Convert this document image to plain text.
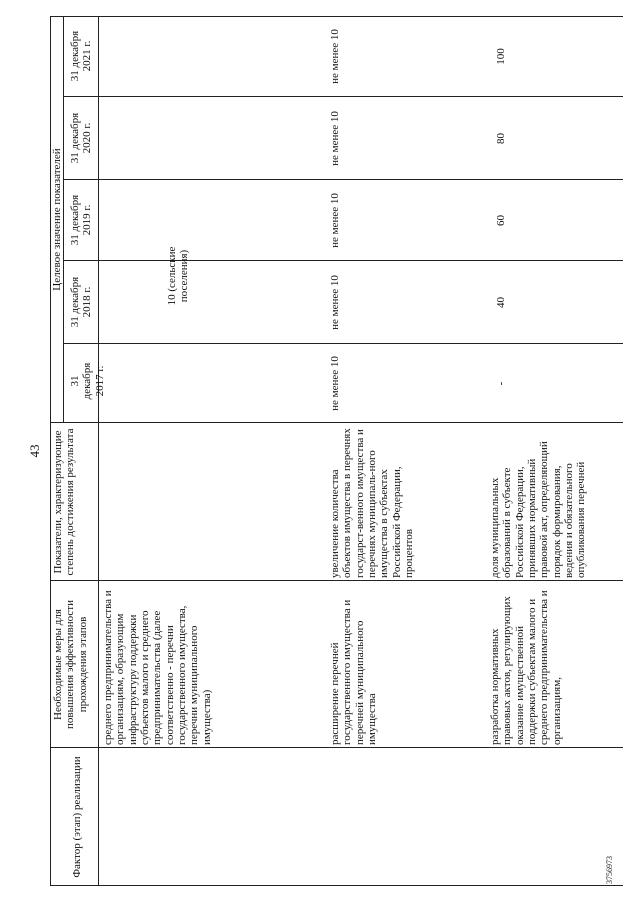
43
3756973
Фактор (этап) реализации
Необходимые меры для повышения эффективности прохождения этапов
Показатели, характеризующие степень достижения результата
Целевое значение показателей
31 декабря 2017 г.
31 декабря 2018 г.
31 декабря 2019 г.
31 декабря 2020 г.
31 декабря 2021 г.
среднего предпринимательства и организациям, образующим инфраструктуру поддержки субъектов малого и среднего предпринимательства (далее соответственно - перечни государственного имущества, перечни муниципального имущества)
10 (сельские поселения)
расширение перечней государственного имущества и перечней муниципального имущества
увеличение количества объектов имущества в перечнях государст-венного имущества и перечнях муниципаль-ного имущества в субъектах Российской Федерации, процентов
не менее 10
не менее 10
не менее 10
не менее 10
не менее 10
разработка нормативных правовых актов, регулирующих оказание имущественной поддержки субъектам малого и среднего предпринимательства и организациям,
доля муниципальных образований в субъекте Российской Федерации, принявших нормативный правовой акт, определяющий порядок формирования, ведения и обязательного опубликования перечней
-
40
60
80
100
